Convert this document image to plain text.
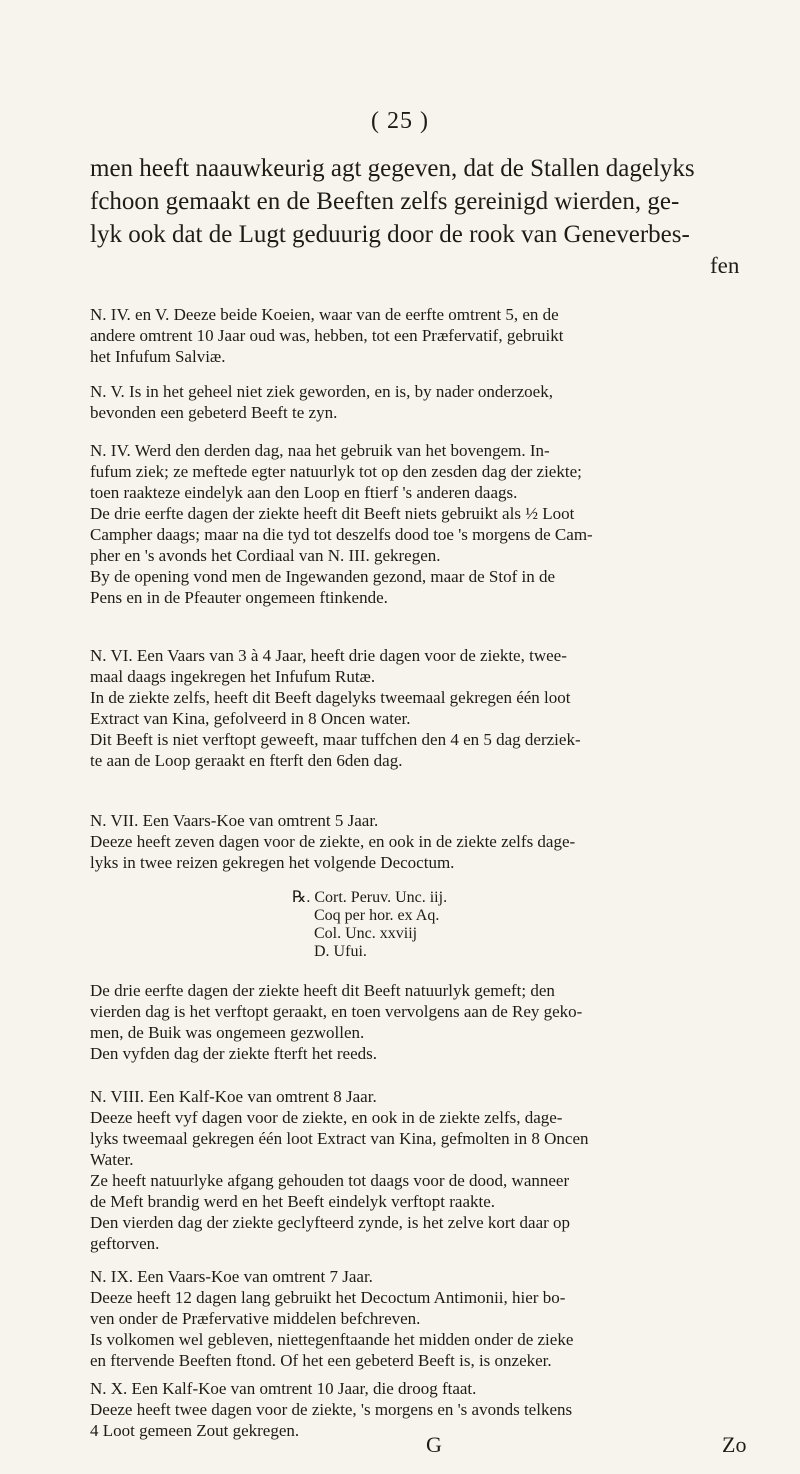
( 25 )
men heeft naauwkeurig agt gegeven, dat de Stallen dagelyks
fchoon gemaakt en de Beeften zelfs gereinigd wierden, ge-
lyk ook dat de Lugt geduurig door de rook van Geneverbes-
fen
N. IV. en V. Deeze beide Koeien, waar van de eerfte omtrent 5, en de
andere omtrent 10 Jaar oud was, hebben, tot een Præfervatif, gebruikt
het Infufum Salviæ.
N. V. Is in het geheel niet ziek geworden, en is, by nader onderzoek,
bevonden een gebeterd Beeft te zyn.
N. IV. Werd den derden dag, naa het gebruik van het bovengem. In-
fufum ziek; ze meftede egter natuurlyk tot op den zesden dag der ziekte;
toen raakteze eindelyk aan den Loop en ftierf 's anderen daags.
De drie eerfte dagen der ziekte heeft dit Beeft niets gebruikt als ½ Loot
Campher daags; maar na die tyd tot deszelfs dood toe 's morgens de Cam-
pher en 's avonds het Cordiaal van N. III. gekregen.
By de opening vond men de Ingewanden gezond, maar de Stof in de
Pens en in de Pfeauter ongemeen ftinkende.
N. VI. Een Vaars van 3 à 4 Jaar, heeft drie dagen voor de ziekte, twee-
maal daags ingekregen het Infufum Rutæ.
In de ziekte zelfs, heeft dit Beeft dagelyks tweemaal gekregen één loot
Extract van Kina, gefolveerd in 8 Oncen water.
Dit Beeft is niet verftopt geweeft, maar tuffchen den 4 en 5 dag derziek-
te aan de Loop geraakt en fterft den 6den dag.
N. VII. Een Vaars-Koe van omtrent 5 Jaar.
Deeze heeft zeven dagen voor de ziekte, en ook in de ziekte zelfs dage-
lyks in twee reizen gekregen het volgende Decoctum.
℞. Cort. Peruv. Unc. iij.
Coq per hor. ex Aq.
Col. Unc. xxviij
D. Ufui.
De drie eerfte dagen der ziekte heeft dit Beeft natuurlyk gemeft; den
vierden dag is het verftopt geraakt, en toen vervolgens aan de Rey geko-
men, de Buik was ongemeen gezwollen.
Den vyfden dag der ziekte fterft het reeds.
N. VIII. Een Kalf-Koe van omtrent 8 Jaar.
Deeze heeft vyf dagen voor de ziekte, en ook in de ziekte zelfs, dage-
lyks tweemaal gekregen één loot Extract van Kina, gefmolten in 8 Oncen
Water.
Ze heeft natuurlyke afgang gehouden tot daags voor de dood, wanneer
de Meft brandig werd en het Beeft eindelyk verftopt raakte.
Den vierden dag der ziekte geclyfteerd zynde, is het zelve kort daar op
geftorven.
N. IX. Een Vaars-Koe van omtrent 7 Jaar.
Deeze heeft 12 dagen lang gebruikt het Decoctum Antimonii, hier bo-
ven onder de Præfervative middelen befchreven.
Is volkomen wel gebleven, niettegenftaande het midden onder de zieke
en ftervende Beeften ftond. Of het een gebeterd Beeft is, is onzeker.
N. X. Een Kalf-Koe van omtrent 10 Jaar, die droog ftaat.
Deeze heeft twee dagen voor de ziekte, 's morgens en 's avonds telkens
4 Loot gemeen Zout gekregen.
G	Zo
